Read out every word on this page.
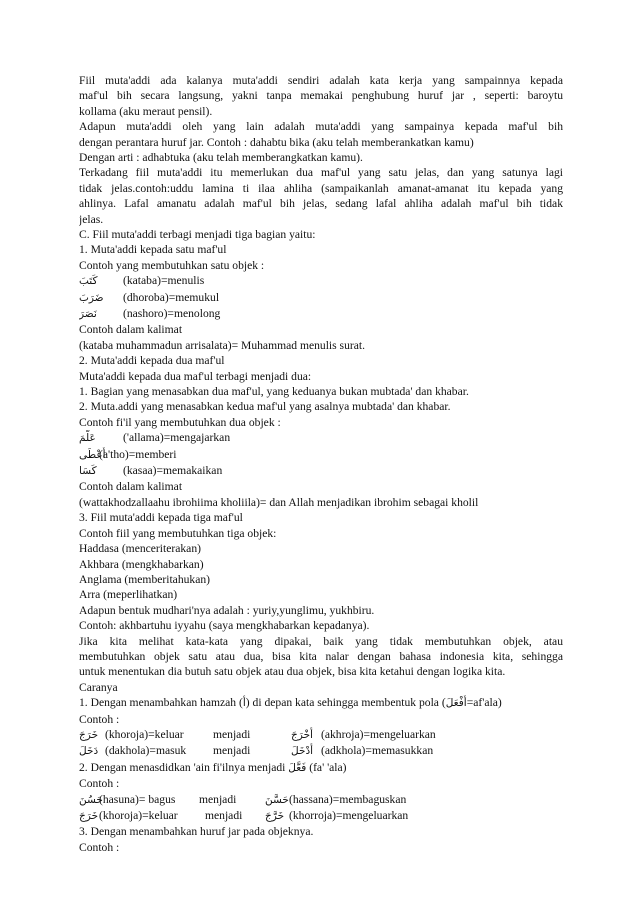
Fiil muta'addi ada kalanya muta'addi sendiri adalah kata kerja yang sampainnya kepada
maf'ul bih secara langsung, yakni tanpa memakai penghubung huruf jar , seperti: baroytu
kollama (aku meraut pensil).
Adapun muta'addi oleh yang lain adalah muta'addi yang sampainya kepada maf'ul bih
dengan perantara huruf jar. Contoh : dahabtu bika (aku telah memberankatkan kamu)
Dengan arti : adhabtuka (aku telah memberangkatkan kamu).
Terkadang fiil muta'addi itu memerlukan dua maf'ul yang satu jelas, dan yang satunya lagi
tidak jelas.contoh:uddu lamina ti ilaa ahliha (sampaikanlah amanat-amanat itu kepada yang
ahlinya. Lafal amanatu adalah maf'ul bih jelas, sedang lafal ahliha adalah maf'ul bih tidak
jelas.
C. Fiil muta'addi terbagi menjadi tiga bagian yaitu:
1. Muta'addi kepada satu maf'ul
Contoh yang membutuhkan satu objek :
كَتَبَ (kataba)=menulis
ضَرَبَ (dhoroba)=memukul
نَصَرَ (nashoro)=menolong
Contoh dalam kalimat
(kataba muhammadun arrisalata)= Muhammad menulis surat.
2. Muta'addi kepada dua maf'ul
Muta'addi kepada dua maf'ul terbagi menjadi dua:
1. Bagian yang menasabkan dua maf'ul, yang keduanya bukan mubtada' dan khabar.
2. Muta.addi yang menasabkan kedua maf'ul yang asalnya mubtada' dan khabar.
Contoh fi'il yang membutuhkan dua objek :
عَلَّمَ ('allama)=mengajarkan
أَعْطَى(a'tho)=memberi
كَسَا (kasaa)=memakaikan
Contoh dalam kalimat
(wattakhodzallaahu ibrohiima kholiila)= dan Allah menjadikan ibrohim sebagai kholil
3. Fiil muta'addi kepada tiga maf'ul
Contoh fiil yang membutuhkan tiga objek:
Haddasa (menceriterakan)
Akhbara (mengkhabarkan)
Anglama (memberitahukan)
Arra (meperlihatkan)
Adapun bentuk mudhari'nya adalah : yuriy,yunglimu, yukhbiru.
Contoh: akhbartuhu iyyahu (saya mengkhabarkan kepadanya).
Jika kita melihat kata-kata yang dipakai, baik yang tidak membutuhkan objek, atau
membutuhkan objek satu atau dua, bisa kita nalar dengan bahasa indonesia kita, sehingga
untuk menentukan dia butuh satu objek atau dua objek, bisa kita ketahui dengan logika kita.
Caranya
1. Dengan menambahkan hamzah (أ) di depan kata sehingga membentuk pola (أَفْعَلَ=af'ala)
Contoh :
خَرَجَ (khoroja)=keluar	menjadi	أَخْرَجَ (akhroja)=mengeluarkan
دَخَلَ (dakhola)=masuk menjadi	أَدْخَلَ (adkhola)=memasukkan
2. Dengan menasdidkan 'ain fi'ilnya menjadi فَعَّلَ (fa' 'ala)
Contoh :
حَسُنَ(hasuna)= bagus menjadi	حَسَّنَ(hassana)=membaguskan
خَرَجَ(khoroja)=keluar menjadi خَرَّجَ (khorroja)=mengeluarkan
3. Dengan menambahkan huruf jar pada objeknya.
Contoh :
